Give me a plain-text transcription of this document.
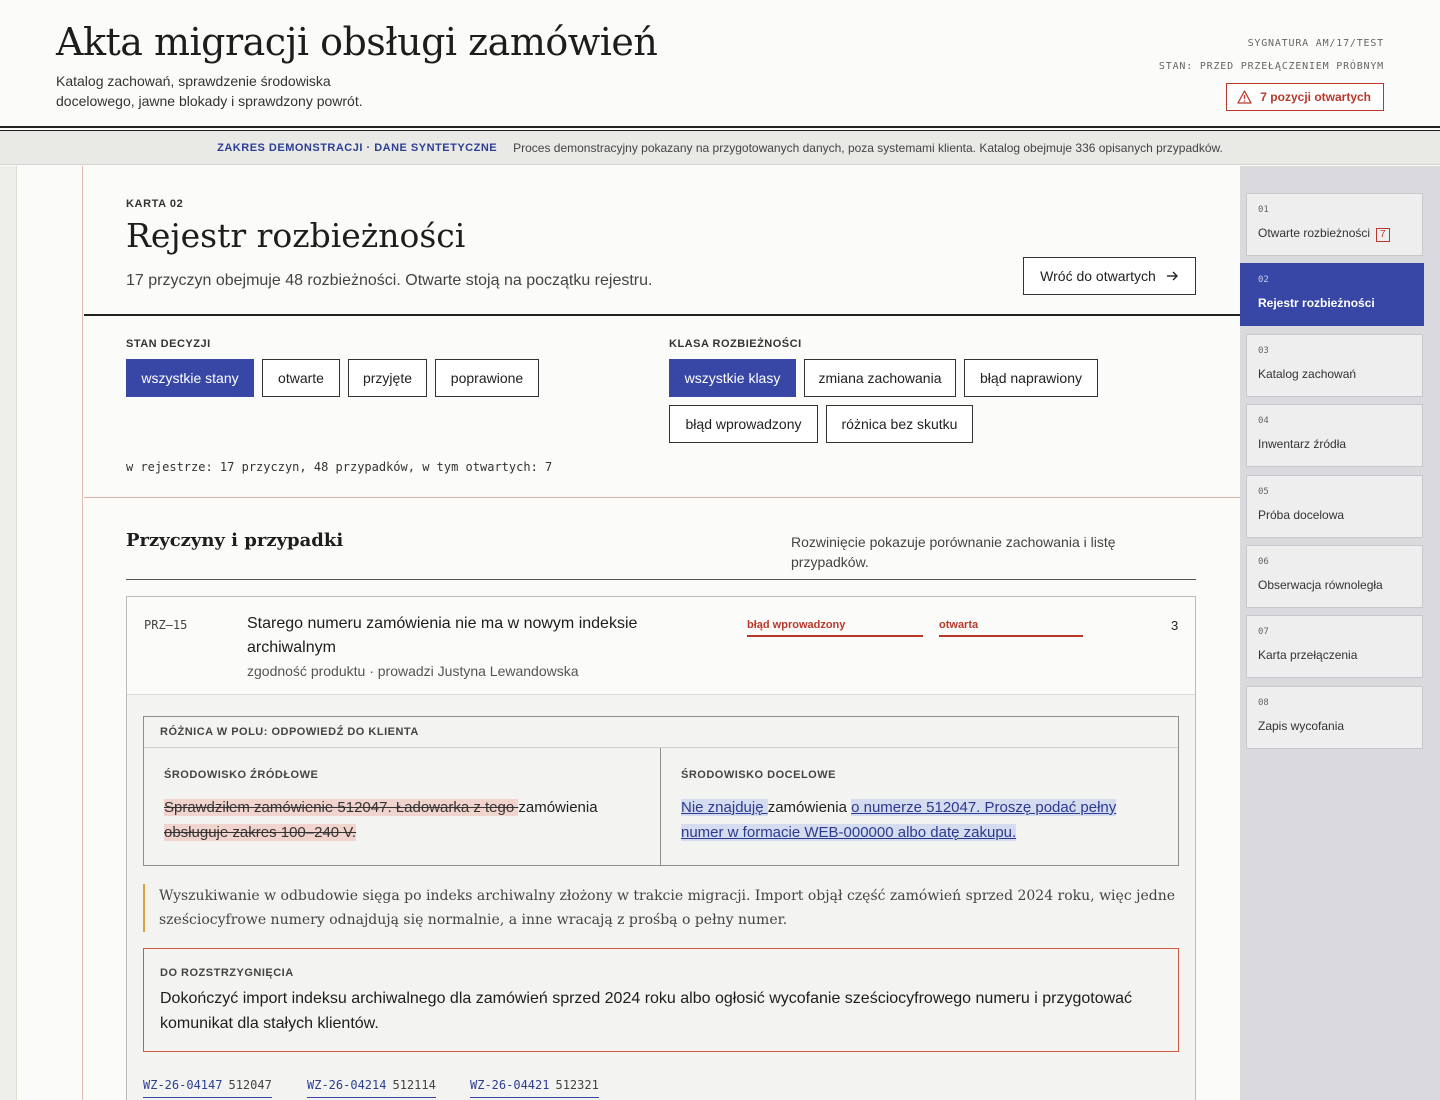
Akta migracji obsługi zamówień

Katalog zachowań, sprawdzenie środowiska docelowego, jawne blokady i sprawdzony powrót.

SYGNATURA AM/17/TEST
STAN: PRZED PRZEŁĄCZENIEM PRÓBNYM
7 pozycji otwartych
ZAKRES DEMONSTRACJI · DANE SYNTETYCZNE Proces demonstracyjny pokazany na przygotowanych danych, poza systemami klienta. Katalog obejmuje 336 opisanych przypadków.
KARTA 02
Rejestr rozbieżności

17 przyczyn obejmuje 48 rozbieżności. Otwarte stoją na początku rejestru.	Wróć do otwartych
STAN DECYZJI
wszystkie stany	otwarte	przyjęte	poprawione
KLASA ROZBIEŻNOŚCI
wszystkie klasy	zmiana zachowania	błąd naprawiony
błąd wprowadzony	różnica bez skutku
w rejestrze: 17 przyczyn, 48 przypadków, w tym otwartych: 7
Przyczyny i przypadki	Rozwinięcie pokazuje porównanie zachowania i listę przypadków.

PRZ–15	Starego numeru zamówienia nie ma w nowym indeksie archiwalnym
zgodność produktu · prowadzi Justyna Lewandowska
błąd wprowadzony	otwarta	3
RÓŻNICA W POLU: ODPOWIEDŹ DO KLIENTA
ŚRODOWISKO ŹRÓDŁOWE
Sprawdziłem zamówienie 512047. Ładowarka z tego zamówienia obsługuje zakres 100–240 V.
ŚRODOWISKO DOCELOWE
Nie znajduję zamówienia o numerze 512047. Proszę podać pełny numer w formacie WEB-000000 albo datę zakupu.

Wyszukiwanie w odbudowie sięga po indeks archiwalny złożony w trakcie migracji. Import objął część zamówień sprzed 2024 roku, więc jedne sześciocyfrowe numery odnajdują się normalnie, a inne wracają z prośbą o pełny numer.

DO ROZSTRZYGNIĘCIA
Dokończyć import indeksu archiwalnego dla zamówień sprzed 2024 roku albo ogłosić wycofanie sześciocyfrowego numeru i przygotować komunikat dla stałych klientów.
WZ-26-04147 512047	WZ-26-04214 512114	WZ-26-04421 512321
01
Otwarte rozbieżności 7
02
Rejestr rozbieżności
03
Katalog zachowań
04
Inwentarz źródła
05
Próba docelowa
06
Obserwacja równoległa
07
Karta przełączenia
08
Zapis wycofania
